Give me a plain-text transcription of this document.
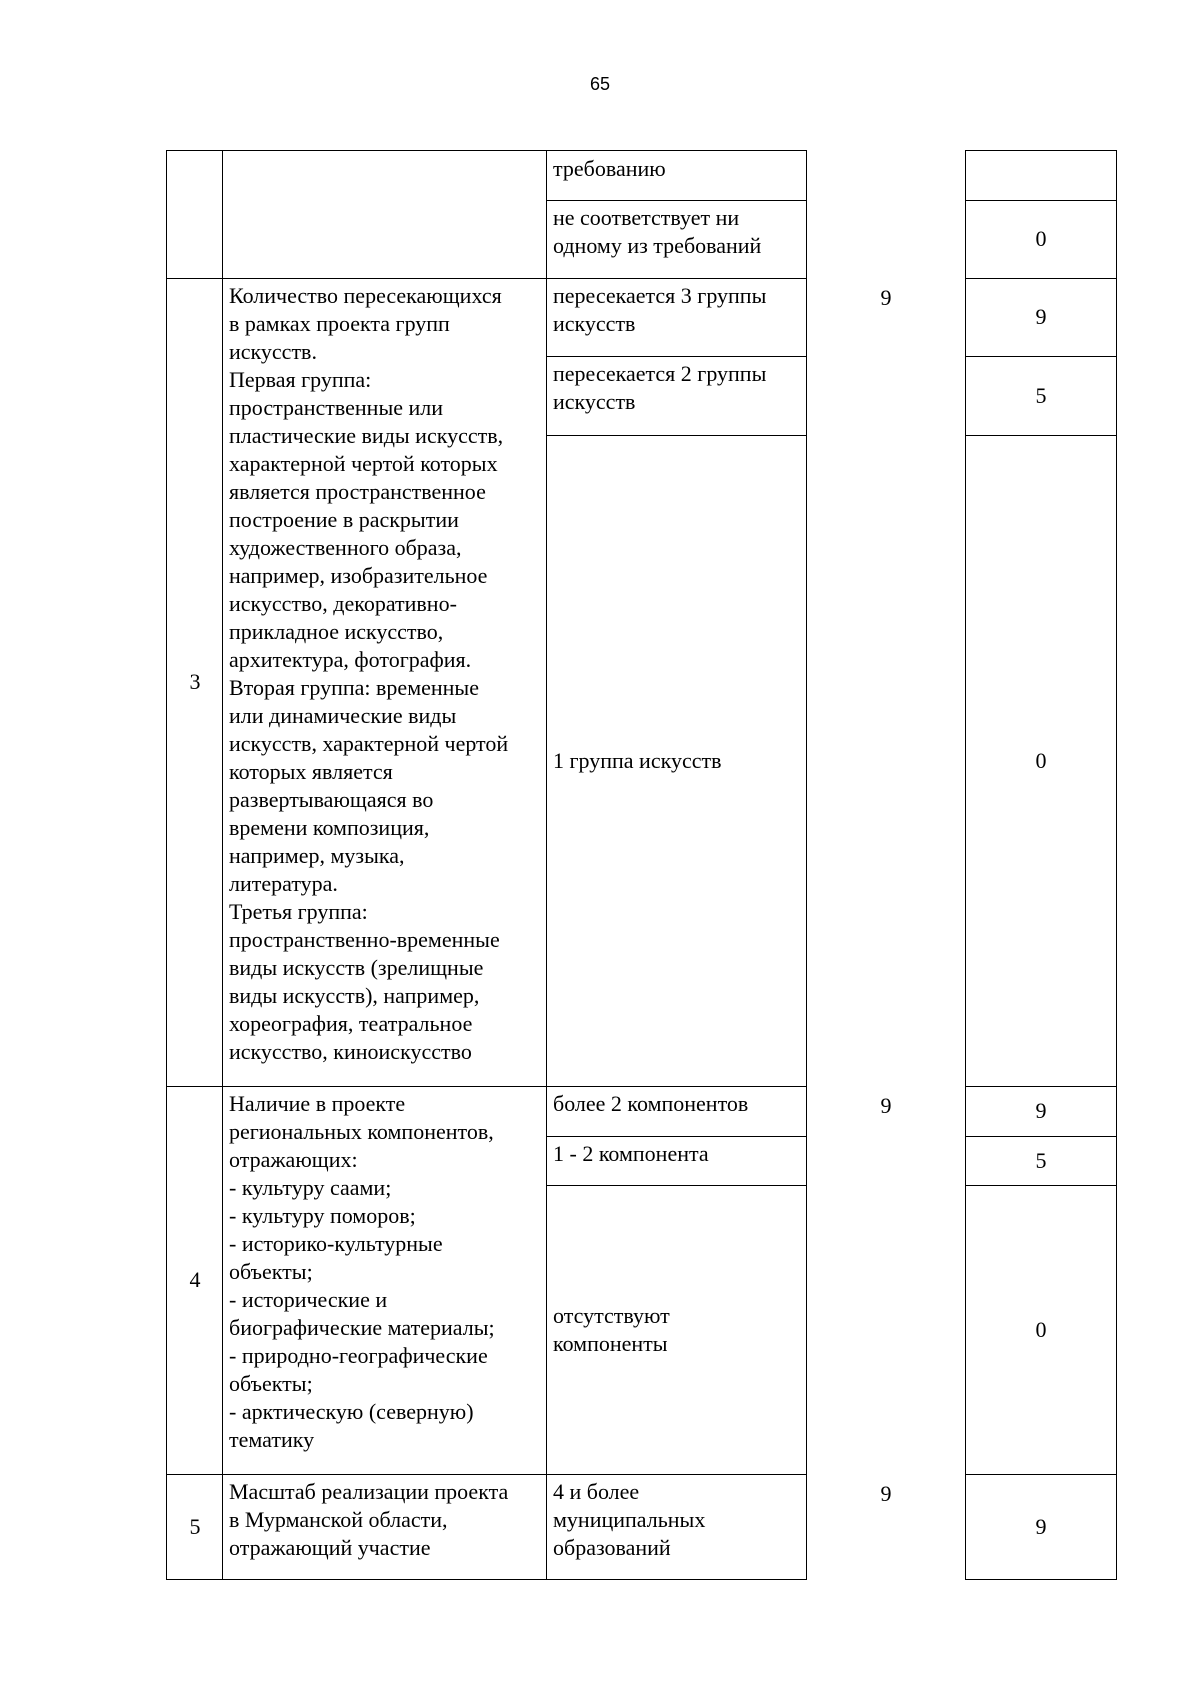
65
требованию
не соответствует ни
одному из требований	0
3
Количество пересекающихся
в рамках проекта групп
искусств.
Первая группа:
пространственные или
пластические виды искусств,
характерной чертой которых
является пространственное
построение в раскрытии
художественного образа,
например, изобразительное
искусство, декоративно-
прикладное искусство,
архитектура, фотография.
Вторая группа: временные
или динамические виды
искусств, характерной чертой
которых является
развертывающаяся во
времени композиция,
например, музыка,
литература.
Третья группа:
пространственно-временные
виды искусств (зрелищные
виды искусств), например,
хореография, театральное
искусство, киноискусство
пересекается 3 группы
искусств
пересекается 2 группы
искусств
1 группа искусств
9
9
5
0
4
Наличие в проекте
региональных компонентов,
отражающих:
- культуру саами;
- культуру поморов;
- историко-культурные
объекты;
- исторические и
биографические материалы;
- природно-географические
объекты;
- арктическую (северную)
тематику
более 2 компонентов
1 - 2 компонента
отсутствуют
компоненты
9	9
5
0
5
Масштаб реализации проекта
в Мурманской области,
отражающий участие
4 и более
муниципальных
образований
9
9
